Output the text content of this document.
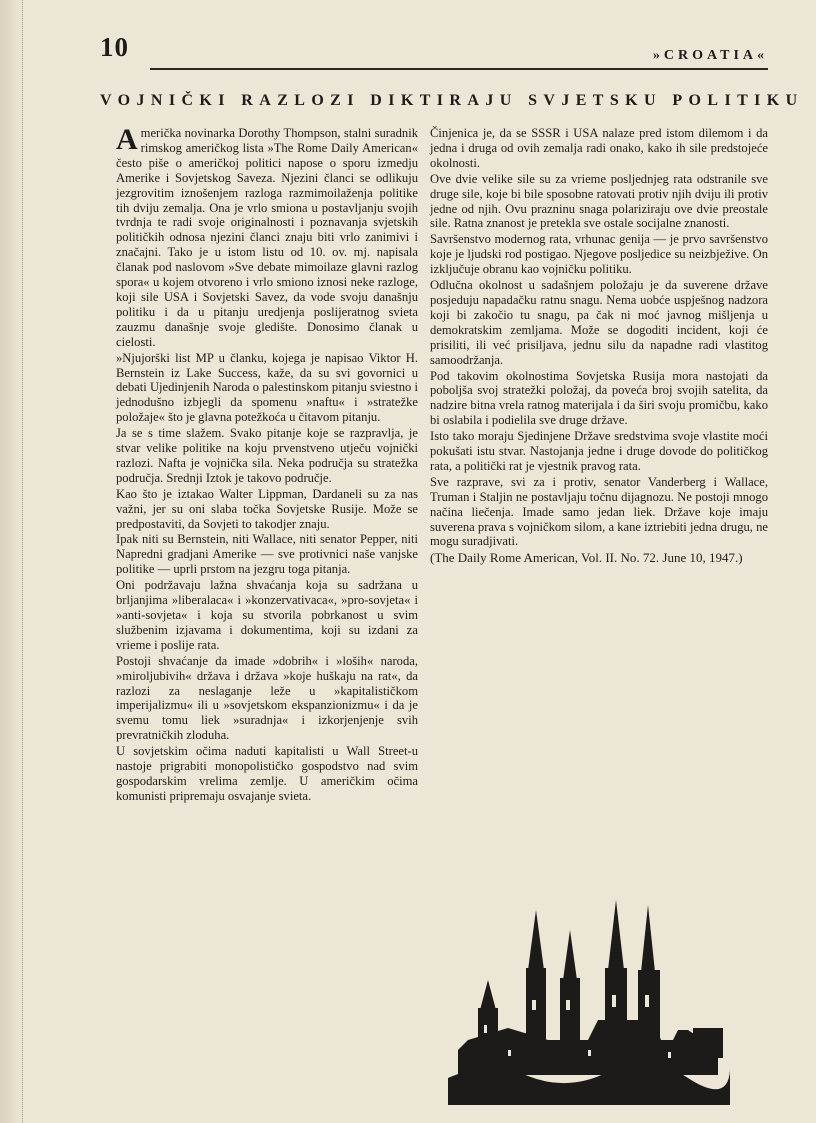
10	»CROATIA«
VOJNIČKI RAZLOZI DIKTIRAJU SVJETSKU POLITIKU

Američka novinarka Dorothy Thompson, stalni suradnik rimskog američkog lista »The Rome Daily American« često piše o američkoj politici napose o sporu izmedju Amerike i Sovjetskog Saveza. Njezini članci se odlikuju jezgrovitim iznošenjem razloga razmimoilaženja politike tih dviju zemalja. Ona je vrlo smiona u postavljanju svojih tvrdnja te radi svoje originalnosti i poznavanja svjetskih političkih odnosa njezini članci znaju biti vrlo zanimivi i značajni. Tako je u istom listu od 10. ov. mj. napisala članak pod naslovom »Sve debate mimoilaze glavni razlog spora« u kojem otvoreno i vrlo smiono iznosi neke razloge, koji sile USA i Sovjetski Savez, da vode svoju današnju politiku i da u pitanju uredjenja poslijeratnog svieta zauzmu današnje svoje gledište. Donosimo članak u cielosti.

»Njujorški list MP u članku, kojega je napisao Viktor H. Bernstein iz Lake Success, kaže, da su svi govornici u debati Ujedinjenih Naroda o palestinskom pitanju sviestno i jednodušno izbjegli da spomenu »naftu« i »stratežke položaje« što je glavna potežkoća u čitavom pitanju.

Ja se s time slažem. Svako pitanje koje se razpravlja, je stvar velike politike na koju prvenstveno utječu vojnički razlozi. Nafta je vojnička sila. Neka područja su stratežka područja. Srednji Iztok je takovo područje.

Kao što je iztakao Walter Lippman, Dardaneli su za nas važni, jer su oni slaba točka Sovjetske Rusije. Može se predpostaviti, da Sovjeti to takodjer znaju.

Ipak niti su Bernstein, niti Wallace, niti senator Pepper, niti Napredni gradjani Amerike — sve protivnici naše vanjske politike — uprli prstom na jezgru toga pitanja.

Oni podržavaju lažna shvaćanja koja su sadržana u brljanjima »liberalaca« i »konzervativaca«, »pro-sovjeta« i »anti-sovjeta« i koja su stvorila pobrkanost u svim službenim izjavama i dokumentima, koji su izdani za vrieme i poslije rata.

Postoji shvaćanje da imade »dobrih« i »loših« naroda, »miroljubivih« država i država »koje huškaju na rat«, da razlozi za neslaganje leže u »kapitalističkom imperijalizmu« ili u »sovjetskom ekspanzionizmu« i da je svemu tomu liek »suradnja« i izkorjenjenje svih prevratničkih zloduha.

U sovjetskim očima naduti kapitalisti u Wall Street-u nastoje prigrabiti monopolističko gospodstvo nad svim gospodarskim vrelima zemlje. U američkim očima komunisti pripremaju osvajanje svieta.

Činjenica je, da se SSSR i USA nalaze pred istom dilemom i da jedna i druga od ovih zemalja radi onako, kako ih sile predstojeće okolnosti.

Ove dvie velike sile su za vrieme posljednjeg rata odstranile sve druge sile, koje bi bile sposobne ratovati protiv njih dviju ili protiv jedne od njih. Ovu prazninu snaga polariziraju ove dvie preostale sile. Ratna znanost je pretekla sve ostale socijalne znanosti.

Savršenstvo modernog rata, vrhunac genija — je prvo savršenstvo koje je ljudski rod postigao. Njegove posljedice su neizbježive. On izključuje obranu kao vojničku politiku.

Odlučna okolnost u sadašnjem položaju je da suverene države posjeduju napadačku ratnu snagu. Nema uobće uspješnog nadzora koji bi zakočio tu snagu, pa čak ni moć javnog mišljenja u demokratskim zemljama. Može se dogoditi incident, koji će prisiliti, ili već prisiljava, jednu silu da napadne radi vlastitog samoodržanja.

Pod takovim okolnostima Sovjetska Rusija mora nastojati da poboljša svoj stratežki položaj, da poveća broj svojih satelita, da nadzire bitna vrela ratnog materijala i da širi svoju promičbu, kako bi oslabila i podielila sve druge države.

Isto tako moraju Sjedinjene Države sredstvima svoje vlastite moći pokušati istu stvar. Nastojanja jedne i druge dovode do političkog rata, a politički rat je vjestnik pravog rata.

Sve razprave, svi za i protiv, senator Vanderberg i Wallace, Truman i Staljin ne postavljaju točnu dijagnozu. Ne postoji mnogo načina liečenja. Imade samo jedan liek. Države koje imaju suverena prava s vojničkom silom, a kane iztriebiti jedna drugu, ne mogu suradjivati.

(The Daily Rome American, Vol. II. No. 72. June 10, 1947.)
